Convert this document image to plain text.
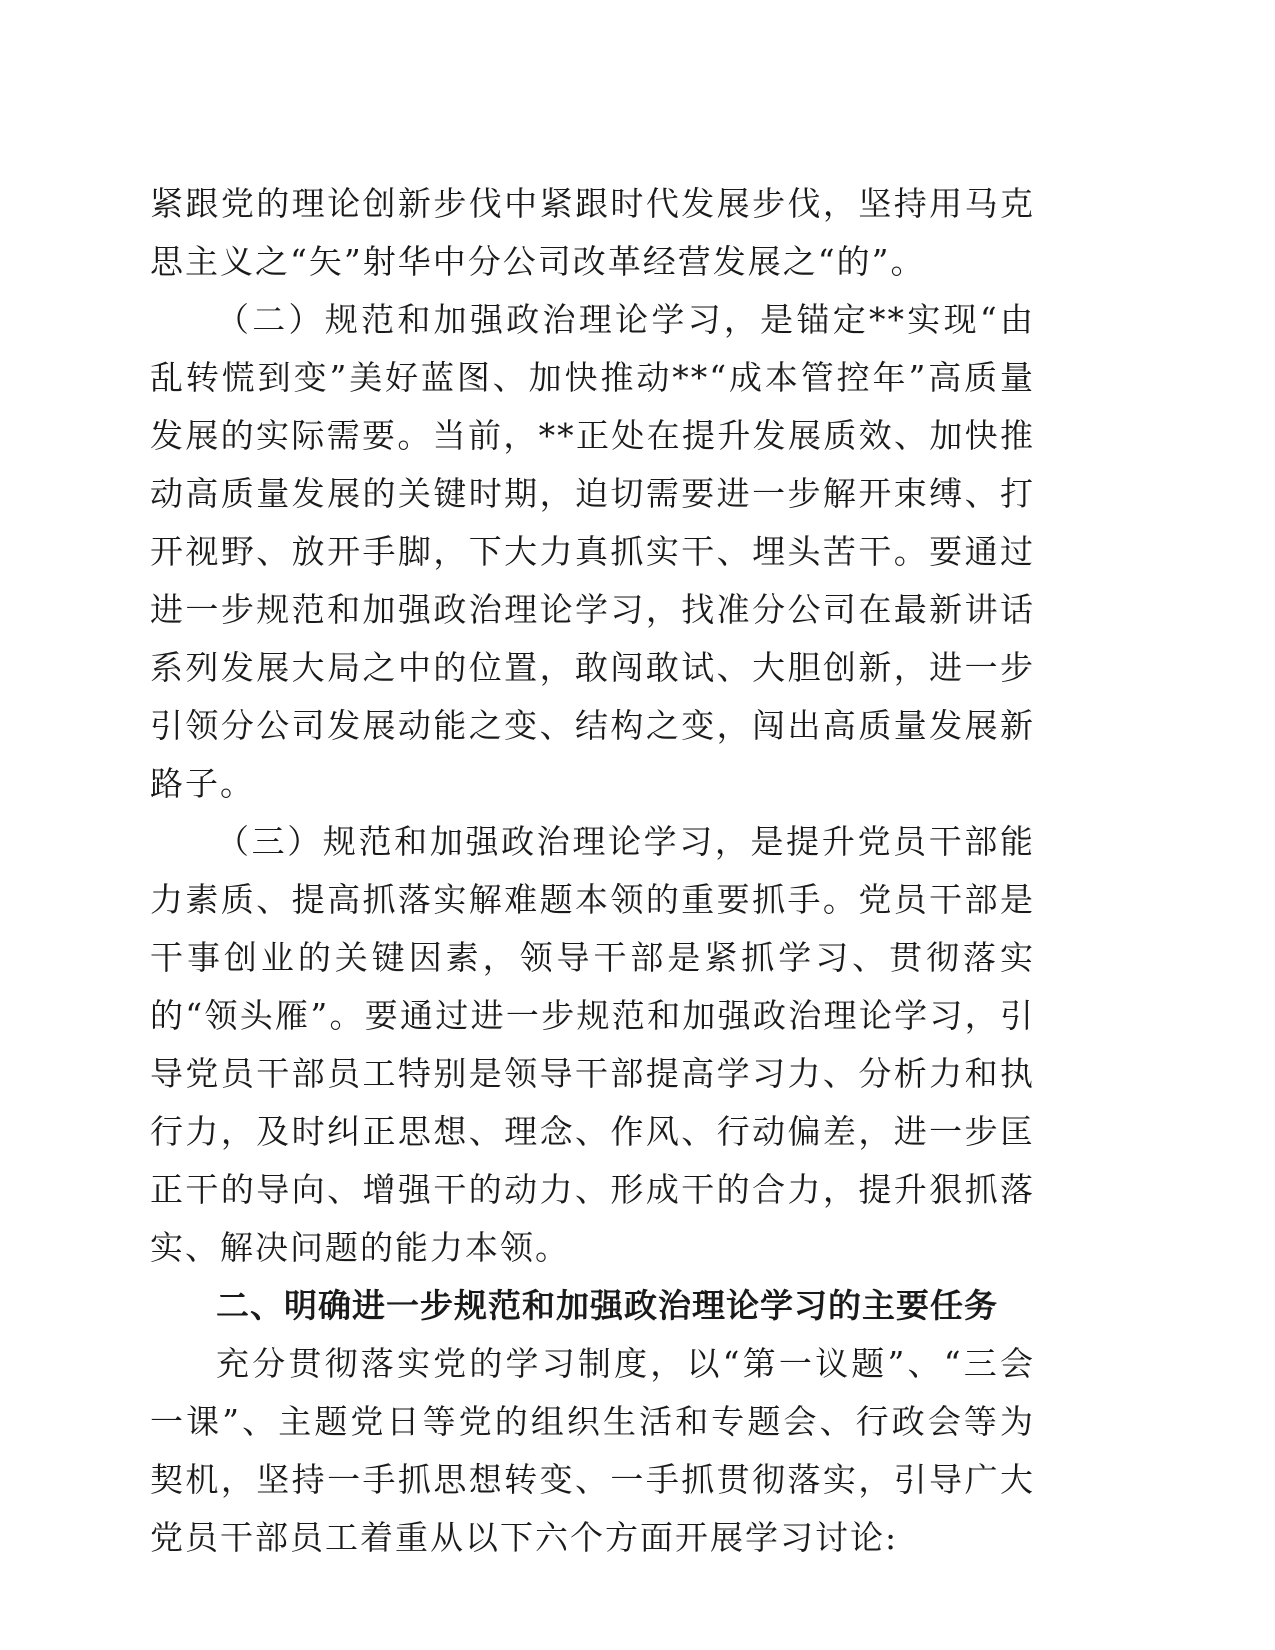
紧跟党的理论创新步伐中紧跟时代发展步伐，坚持用马克思主义之“矢”射华中分公司改革经营发展之“的”。

（二）规范和加强政治理论学习，是锚定**实现“由乱转慌到变”美好蓝图、加快推动**“成本管控年”高质量发展的实际需要。当前，**正处在提升发展质效、加快推动高质量发展的关键时期，迫切需要进一步解开束缚、打开视野、放开手脚，下大力真抓实干、埋头苦干。要通过进一步规范和加强政治理论学习，找准分公司在最新讲话系列发展大局之中的位置，敢闯敢试、大胆创新，进一步引领分公司发展动能之变、结构之变，闯出高质量发展新路子。

（三）规范和加强政治理论学习，是提升党员干部能力素质、提高抓落实解难题本领的重要抓手。党员干部是干事创业的关键因素，领导干部是紧抓学习、贯彻落实的“领头雁”。要通过进一步规范和加强政治理论学习，引导党员干部员工特别是领导干部提高学习力、分析力和执行力，及时纠正思想、理念、作风、行动偏差，进一步匡正干的导向、增强干的动力、形成干的合力，提升狠抓落实、解决问题的能力本领。

二、明确进一步规范和加强政治理论学习的主要任务

充分贯彻落实党的学习制度，以“第一议题”、“三会一课”、主题党日等党的组织生活和专题会、行政会等为契机，坚持一手抓思想转变、一手抓贯彻落实，引导广大党员干部员工着重从以下六个方面开展学习讨论:
